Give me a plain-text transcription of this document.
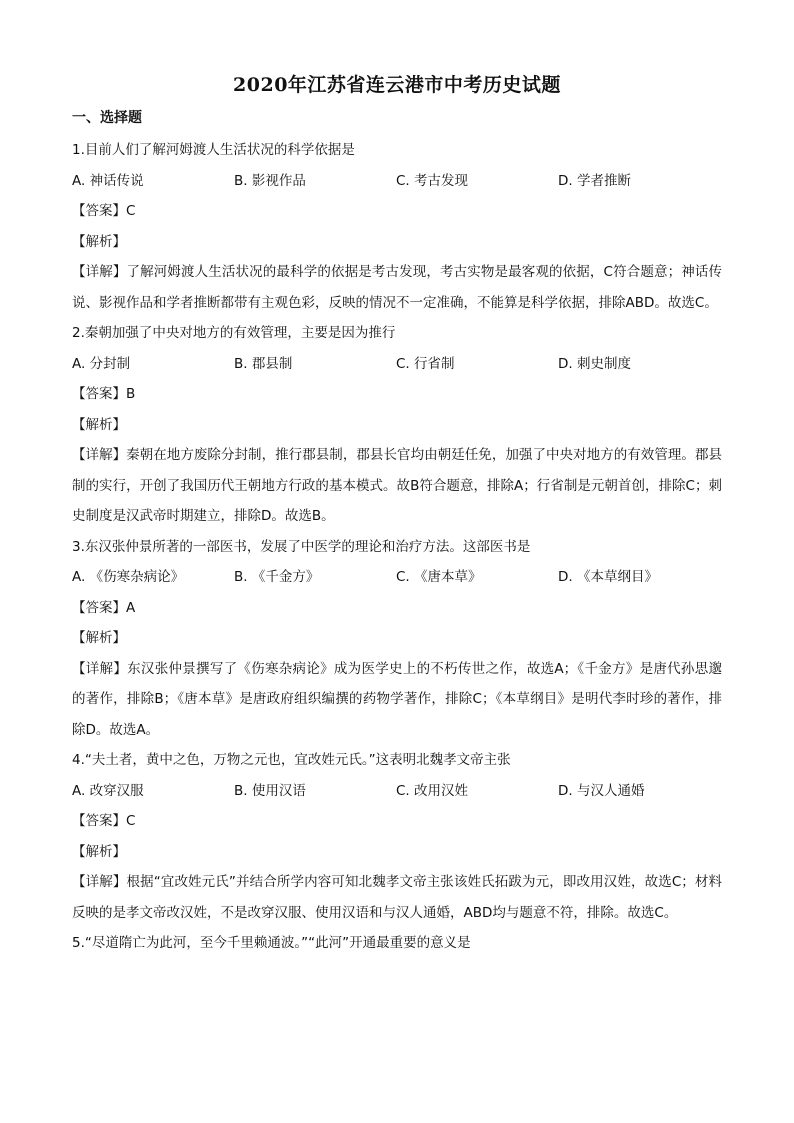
2020年江苏省连云港市中考历史试题
一、选择题
1.目前人们了解河姆渡人生活状况的科学依据是
A. 神话传说	B. 影视作品	C. 考古发现	D. 学者推断
【答案】C
【解析】
【详解】了解河姆渡人生活状况的最科学的依据是考古发现，考古实物是最客观的依据，C符合题意；神话传说、影视作品和学者推断都带有主观色彩，反映的情况不一定准确，不能算是科学依据，排除ABD。故选C。
2.秦朝加强了中央对地方的有效管理，主要是因为推行
A. 分封制	B. 郡县制	C. 行省制	D. 刺史制度
【答案】B
【解析】
【详解】秦朝在地方废除分封制，推行郡县制，郡县长官均由朝廷任免，加强了中央对地方的有效管理。郡县制的实行，开创了我国历代王朝地方行政的基本模式。故B符合题意，排除A；行省制是元朝首创，排除C；刺史制度是汉武帝时期建立，排除D。故选B。
3.东汉张仲景所著的一部医书，发展了中医学的理论和治疗方法。这部医书是
A. 《伤寒杂病论》	B. 《千金方》	C. 《唐本草》	D. 《本草纲目》
【答案】A
【解析】
【详解】东汉张仲景撰写了《伤寒杂病论》成为医学史上的不朽传世之作，故选A；《千金方》是唐代孙思邈的著作，排除B；《唐本草》是唐政府组织编撰的药物学著作，排除C；《本草纲目》是明代李时珍的著作，排除D。故选A。
4.“夫土者，黄中之色，万物之元也，宜改姓元氏。”这表明北魏孝文帝主张
A. 改穿汉服	B. 使用汉语	C. 改用汉姓	D. 与汉人通婚
【答案】C
【解析】
【详解】根据“宜改姓元氏”并结合所学内容可知北魏孝文帝主张该姓氏拓跋为元，即改用汉姓，故选C；材料反映的是孝文帝改汉姓，不是改穿汉服、使用汉语和与汉人通婚，ABD均与题意不符，排除。故选C。
5.“尽道隋亡为此河，至今千里赖通波。”“此河”开通最重要的意义是
